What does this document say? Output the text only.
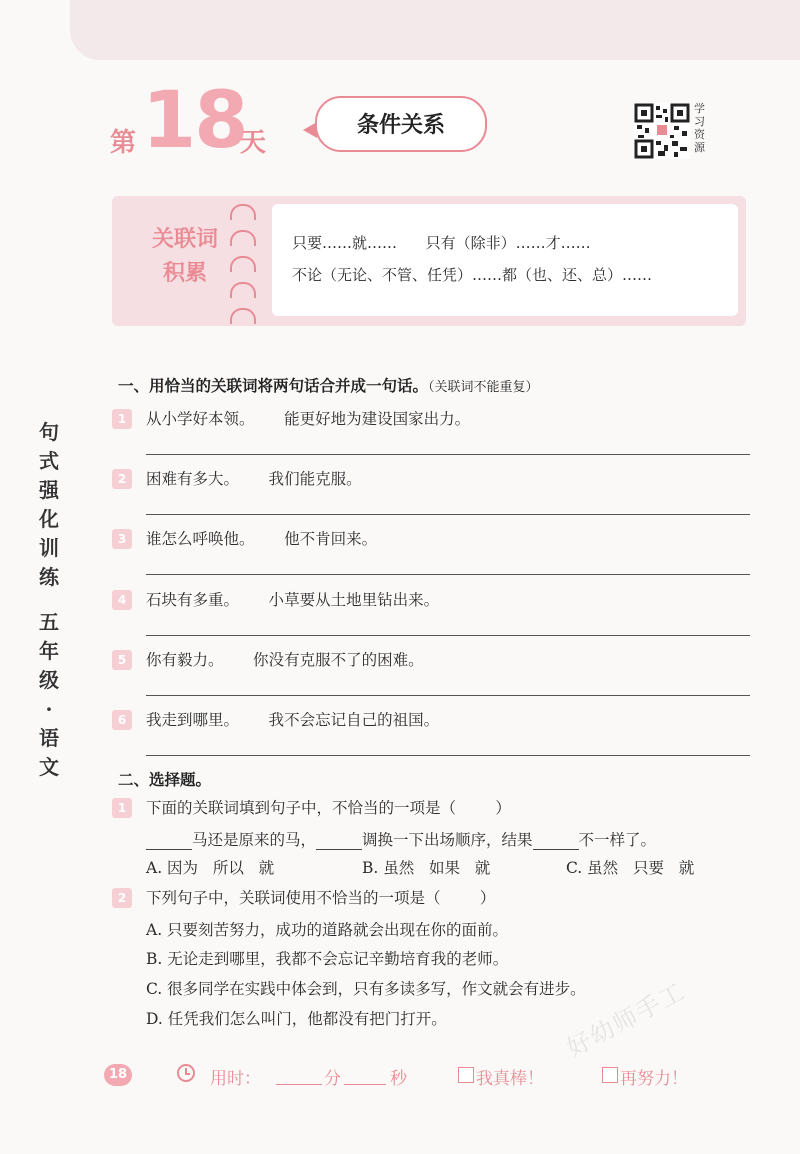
第 18
天
条件关系
学习资源
关联词
积累
只要……就……      只有（除非）……才……
不论（无论、不管、任凭）……都（也、还、总）……
句式强化训练
五年级·语文
一、用恰当的关联词将两句话合并成一句话。（关联词不能重复）
1	从小学好本领。      能更好地为建设国家出力。
2	困难有多大。      我们能克服。
3	谁怎么呼唤他。      他不肯回来。
4	石块有多重。      小草要从土地里钻出来。
5	你有毅力。      你没有克服不了的困难。
6	我走到哪里。      我不会忘记自己的祖国。
二、选择题。
1	下面的关联词填到句子中，不恰当的一项是（        ）
马还是原来的马，	调换一下出场顺序，结果	不一样了。
A. 因为   所以   就	B. 虽然   如果   就	C. 虽然   只要   就
2	下列句子中，关联词使用不恰当的一项是（        ）
A. 只要刻苦努力，成功的道路就会出现在你的面前。
B. 无论走到哪里，我都不会忘记辛勤培育我的老师。
C. 很多同学在实践中体会到，只有多读多写，作文就会有进步。
D. 任凭我们怎么叫门，他都没有把门打开。	好幼师手工
18	用时：	分	秒	我真棒！	再努力！
